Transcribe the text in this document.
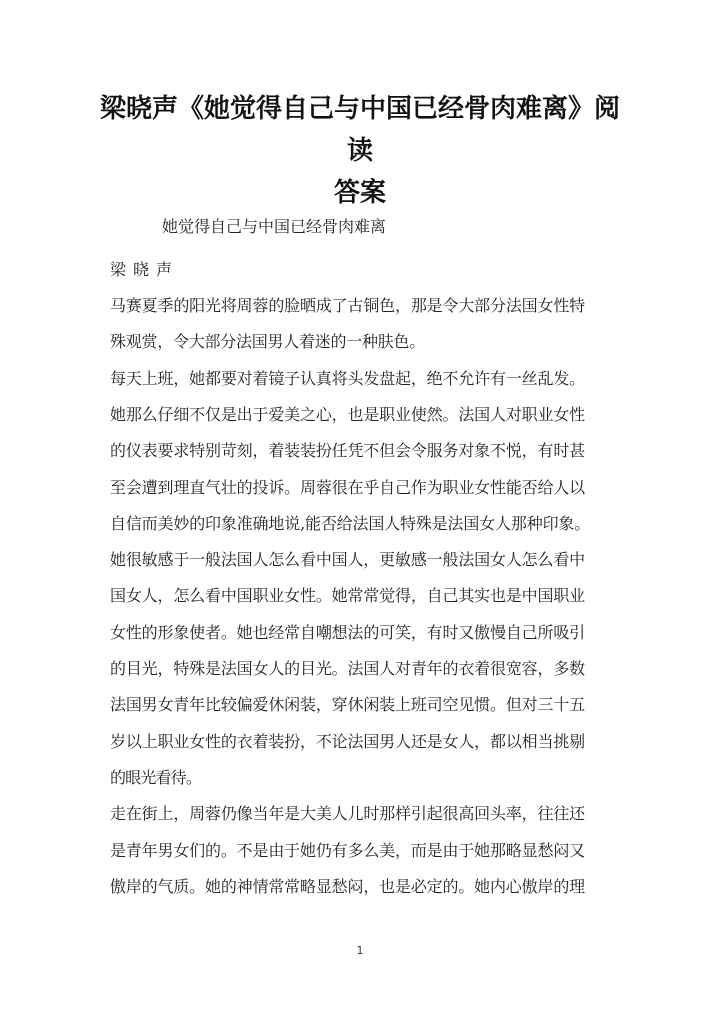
梁晓声《她觉得自己与中国已经骨肉难离》阅读
答案
她觉得自己与中国已经骨肉难离
梁晓声
马赛夏季的阳光将周蓉的脸晒成了古铜色，那是令大部分法国女性特
殊观赏，令大部分法国男人着迷的一种肤色。
每天上班，她都要对着镜子认真将头发盘起，绝不允许有一丝乱发。
她那么仔细不仅是出于爱美之心，也是职业使然。法国人对职业女性
的仪表要求特别苛刻，着装装扮任凭不但会令服务对象不悦，有时甚
至会遭到理直气壮的投诉。周蓉很在乎自己作为职业女性能否给人以
自信而美妙的印象准确地说,能否给法国人特殊是法国女人那种印象。
她很敏感于一般法国人怎么看中国人，更敏感一般法国女人怎么看中
国女人，怎么看中国职业女性。她常常觉得，自己其实也是中国职业
女性的形象使者。她也经常自嘲想法的可笑，有时又傲慢自己所吸引
的目光，特殊是法国女人的目光。法国人对青年的衣着很宽容，多数
法国男女青年比较偏爱休闲装，穿休闲装上班司空见惯。但对三十五
岁以上职业女性的衣着装扮，不论法国男人还是女人，都以相当挑剔
的眼光看待。
走在街上，周蓉仍像当年是大美人儿时那样引起很高回头率，往往还
是青年男女们的。不是由于她仍有多么美，而是由于她那略显愁闷又
傲岸的气质。她的神情常常略显愁闷，也是必定的。她内心傲岸的理
1
